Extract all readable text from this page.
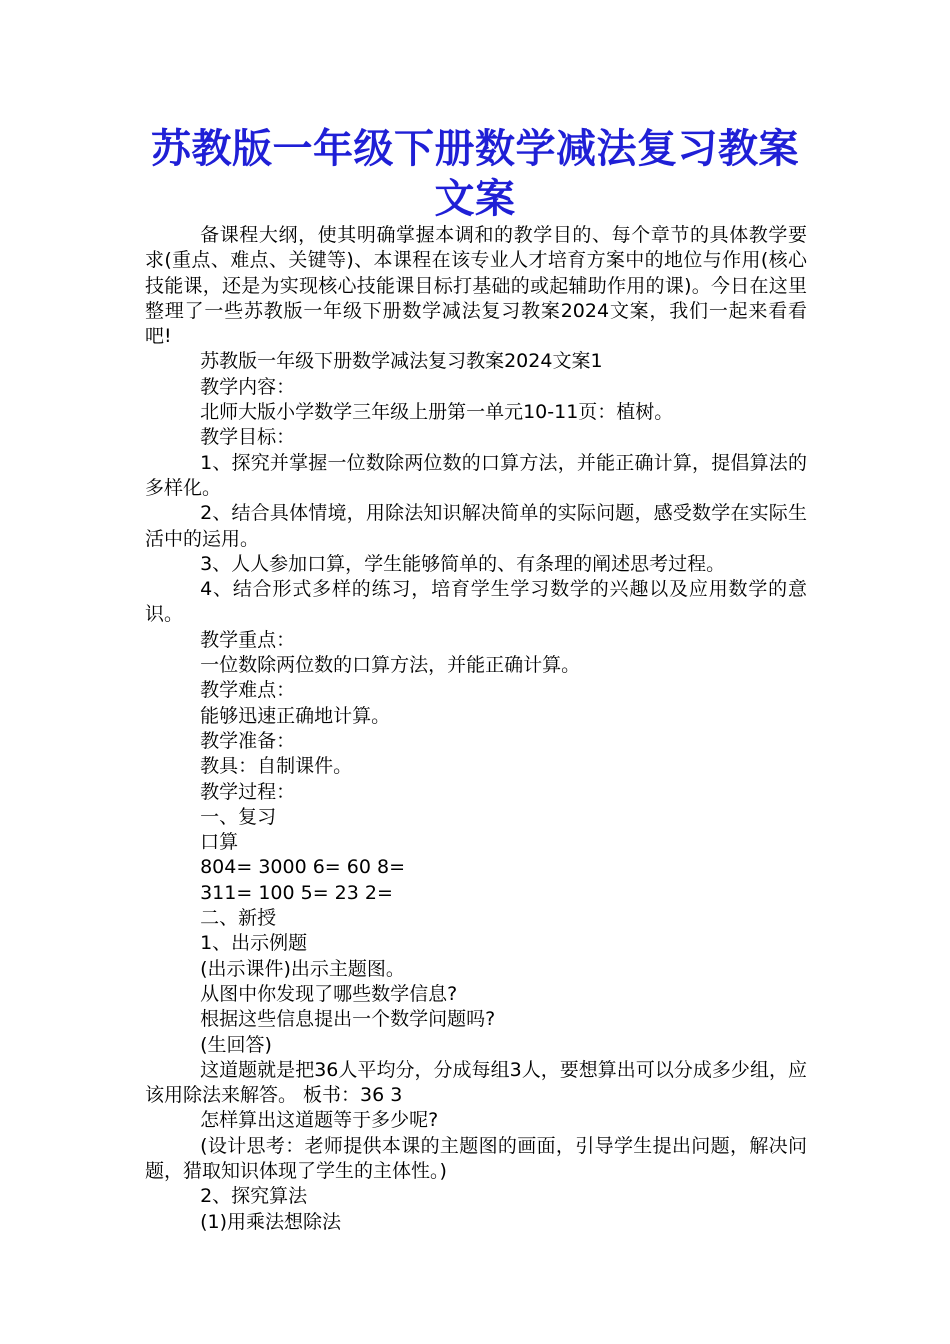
苏教版一年级下册数学减法复习教案文案

备课程大纲，使其明确掌握本调和的教学目的、每个章节的具体教学要求(重点、难点、关键等)、本课程在该专业人才培育方案中的地位与作用(核心技能课，还是为实现核心技能课目标打基础的或起辅助作用的课)。今日在这里整理了一些苏教版一年级下册数学减法复习教案2024文案，我们一起来看看吧!

苏教版一年级下册数学减法复习教案2024文案1

教学内容：

北师大版小学数学三年级上册第一单元10-11页：植树。

教学目标：

1、探究并掌握一位数除两位数的口算方法，并能正确计算，提倡算法的多样化。

2、结合具体情境，用除法知识解决简单的实际问题，感受数学在实际生活中的运用。

3、人人参加口算，学生能够简单的、有条理的阐述思考过程。

4、结合形式多样的练习，培育学生学习数学的兴趣以及应用数学的意识。

教学重点：

一位数除两位数的口算方法，并能正确计算。

教学难点：

能够迅速正确地计算。

教学准备：

教具：自制课件。

教学过程：

一、复习

口算

804= 3000 6= 60 8=

311= 100 5= 23 2=

二、新授

1、出示例题

(出示课件)出示主题图。

从图中你发现了哪些数学信息?

根据这些信息提出一个数学问题吗?

(生回答)

这道题就是把36人平均分，分成每组3人，要想算出可以分成多少组，应该用除法来解答。 板书：36 3

怎样算出这道题等于多少呢?

(设计思考：老师提供本课的主题图的画面，引导学生提出问题，解决问题，猎取知识体现了学生的主体性。)

2、探究算法

(1)用乘法想除法
